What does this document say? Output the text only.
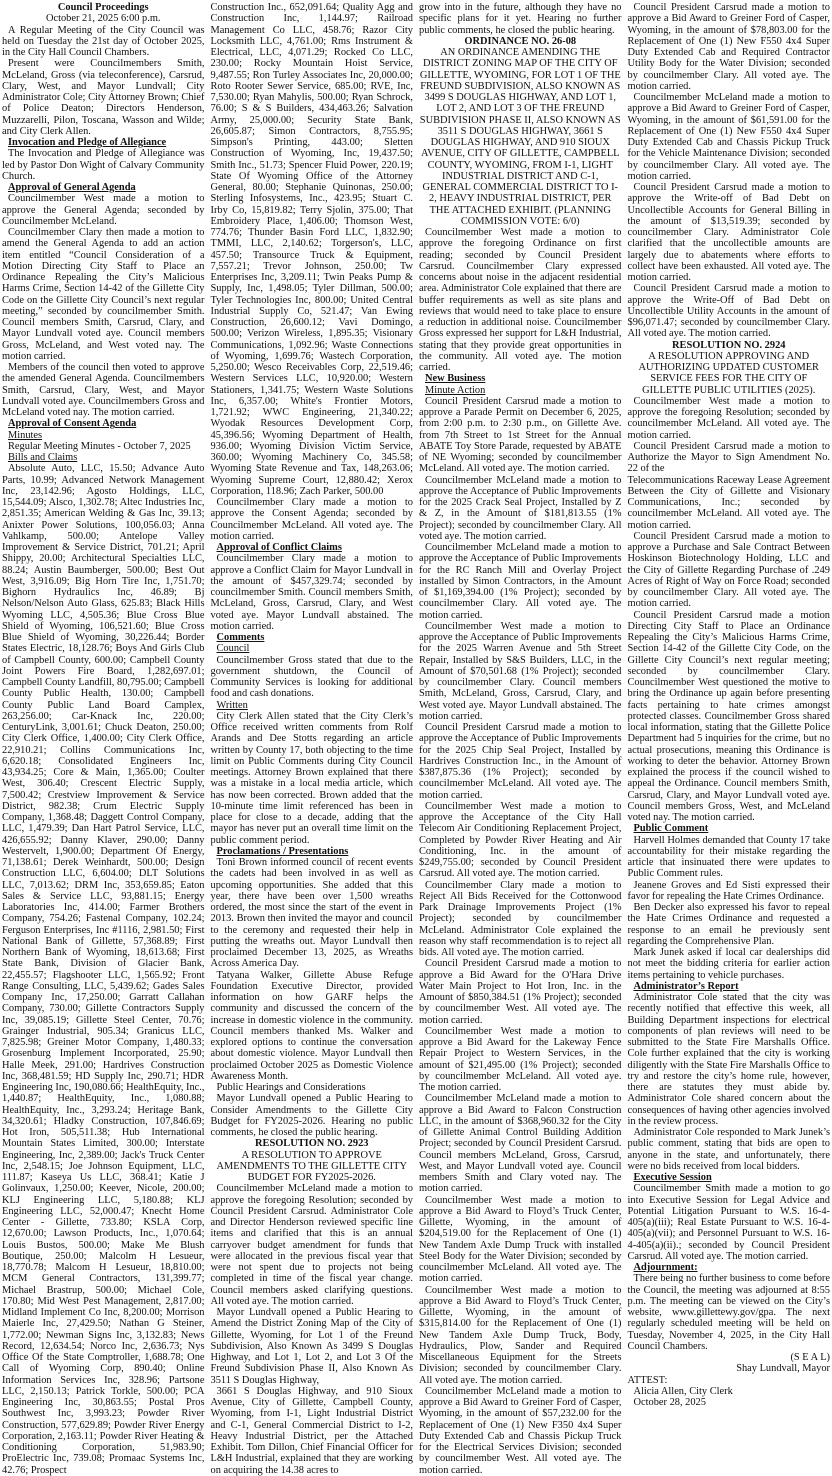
Council Proceedings
October 21, 2025 6:00 p.m.

A Regular Meeting of the City Council was held on Tuesday the 21st day of October 2025, in the City Hall Council Chambers.

Present were Councilmembers Smith, McLeland, Gross (via teleconference), Carsrud, Clary, West, and Mayor Lundvall; City Administrator Cole; City Attorney Brown; Chief of Police Deaton; Directors Henderson, Muzzarelli, Pilon, Toscana, Wasson and Wilde; and City Clerk Allen.

Invocation and Pledge of Allegiance

The Invocation and Pledge of Allegiance was led by Pastor Don Wight of Calvary Community Church.

Approval of General Agenda

Councilmember West made a motion to approve the General Agenda; seconded by Councilmember McLeland.

Councilmember Clary then made a motion to amend the General Agenda to add an action item entitled “Council Consideration of a Motion Directing City Staff to Place an Ordinance Repealing the City’s Malicious Harms Crime, Section 14-42 of the Gillette City Code on the Gillette City Council’s next regular meeting,” seconded by councilmember Smith. Council members Smith, Carsrud, Clary, and Mayor Lundvall voted aye. Council members Gross, McLeland, and West voted nay. The motion carried.

Members of the council then voted to approve the amended General Agenda. Councilmembers Smith, Carsrud, Clary, West, and Mayor Lundvall voted aye. Councilmembers Gross and McLeland voted nay. The motion carried.

Approval of Consent Agenda
Minutes

Regular Meeting Minutes - October 7, 2025

Bills and Claims

Absolute Auto, LLC, 15.50; Advance Auto Parts, 10.99; Advanced Network Management Inc, 23,142.96; Agosto Holdings, LLC, 15,544.09; Alsco, 1,302.78; Altec Industries Inc, 2,851.35; American Welding & Gas Inc, 39.13; Anixter Power Solutions, 100,056.03; Anna Vahlkamp, 500.00; Antelope Valley Improvement & Service District, 701.21; April Shippy, 20.00; Architectural Specialties LLC, 88.24; Austin Baumberger, 500.00; Best Out West, 3,916.09; Big Horn Tire Inc, 1,751.70; Bighorn Hydraulics Inc, 46.89; Bj Nelson/Nelson Auto Glass, 625.83; Black Hills Wyoming LLC, 4,505.36; Blue Cross Blue Shield of Wyoming, 106,521.60; Blue Cross Blue Shield of Wyoming, 30,226.44; Border States Electric, 18,128.76; Boys And Girls Club of Campbell County, 600.00; Campbell County Joint Powers Fire Board, 1,282,697.01; Campbell County Landfill, 80,795.00; Campbell County Public Health, 130.00; Campbell County Public Land Board Camplex, 263,256.00; Car-Knack Inc, 220.00; CenturyLink, 3,001.61; Chuck Deaton, 250.00; City Clerk Office, 1,400.00; City Clerk Office, 22,910.21; Collins Communications Inc, 6,620.18; Consolidated Engineers Inc, 43,934.25; Core & Main, 1,365.00; Coulter West, 306.40; Crescent Electric Supply, 7,500.42; Crestview Improvement & Service District, 982.38; Crum Electric Supply Company, 1,368.48; Daggett Control Company, LLC, 1,479.39; Dan Hart Patrol Service, LLC, 426,655.92; Danny Klaver, 290.00; Danny Westervelt, 1,900.00; Department Of Energy, 71,138.61; Derek Weinhardt, 500.00; Design Construction LLC, 6,604.00; DLT Solutions LLC, 7,013.62; DRM Inc, 353,659.85; Eaton Sales & Service LLC, 93,881.15; Energy Laboratories Inc, 414.00; Farmer Brothers Company, 754.26; Fastenal Company, 102.24; Ferguson Enterprises, Inc #1116, 2,981.50; First National Bank of Gillette, 57,368.89; First Northern Bank of Wyoming, 18,613.68; First State Bank, Division of Glacier Bank, 22,455.57; Flagshooter LLC, 1,565.92; Front Range Consulting, LLC, 5,439.62; Gades Sales Company Inc, 17,250.00; Garratt Callahan Company, 730.00; Gillette Contractors Supply Inc, 39,085.19; Gillette Steel Center, 70.76; Grainger Industrial, 905.34; Granicus LLC, 7,825.98; Greiner Motor Company, 1,480.33; Grosenburg Implement Incorporated, 25.90; Halle Meek, 291.00; Hardrives Construction Inc, 368,481.59; HD Supply Inc, 290.71; HDR Engineering Inc, 190,080.66; HealthEquity, Inc., 1,440.87; HealthEquity, Inc., 1,080.88; HealthEquity, Inc., 3,293.24; Heritage Bank, 34,320.61; Hladky Construction, 107,846.69; Hot Iron, 505,511.38; Hub International Mountain States Limited, 300.00; Interstate Engineering, Inc, 2,389.00; Jack's Truck Center Inc, 2,548.15; Joe Johnson Equipment, LLC, 111.87; Kaseya Us LLC, 368.41; Katie J Golinvaux, 1,250.00; Keever, Nicole, 200.00; KLJ Engineering LLC, 5,180.88; KLJ Engineering LLC, 52,000.47; Knecht Home Center - Gillette, 733.80; KSLA Corp, 12,670.00; Lawson Products, Inc., 1,070.64; Louis Bustos, 500.00; Make Me Blush Boutique, 250.00; Malcolm H Lesueur, 18,770.78; Malcom H Lesueur, 18,810.00; MCM General Contractors, 131,399.77; Michael Brastrup, 500.00; Michael Cole, 170.80; Mid West Pest Management, 2,817.00; Midland Implement Co Inc, 8,200.00; Morrison Maierle Inc, 27,429.50; Nathan G Steiner, 1,772.00; Newman Signs Inc, 3,132.83; News Record, 12,634.54; Norco Inc, 2,636.73; Nys Office Of the State Comptroller, 1,688.78; One Call of Wyoming Corp, 890.40; Online Information Services Inc, 328.96; Partsone LLC, 2,150.13; Patrick Torkle, 500.00; PCA Engineering Inc, 30,863.55; Postal Pros Southwest Inc, 3,993.23; Powder River Construction, 577,629.89; Powder River Energy Corporation, 2,163.11; Powder River Heating & Conditioning Corporation, 51,983.90; ProElectric Inc, 739.08; Promaac Systems Inc, 42.76; Prospect

Construction Inc., 652,091.64; Quality Agg and Construction Inc, 1,144.97; Railroad Management Co LLC, 458.76; Razor City Locksmith LLC, 4,761.00; Rms Instrument & Electrical, LLC, 4,071.29; Rocked Co LLC, 230.00; Rocky Mountain Hoist Service, 9,487.55; Ron Turley Associates Inc, 20,000.00; Roto Rooter Sewer Service, 685.00; RVE, Inc, 7,530.00; Ryan Mahylis, 500.00; Ryan Schrock, 76.00; S & S Builders, 434,463.26; Salvation Army, 25,000.00; Security State Bank, 26,605.87; Simon Contractors, 8,755.95; Simpson's Printing, 443.00; Sletten Construction of Wyoming, Inc, 19,437.50; Smith Inc., 51.73; Spencer Fluid Power, 220.19; State Of Wyoming Office of the Attorney General, 80.00; Stephanie Quinonas, 250.00; Sterling Infosystems, Inc., 423.95; Stuart C. Irby Co, 15,819.82; Terry Sjolin, 375.00; That Embroidery Place, 1,406.00; Thomson West, 774.76; Thunder Basin Ford LLC, 1,832.90; TMMI, LLC, 2,140.62; Torgerson's, LLC, 457.50; Transource Truck & Equipment, 7,557.21; Trevor Johnson, 250.00; Tw Enterprises Inc, 3,209.11; Twin Peaks Pump & Supply, Inc, 1,498.05; Tyler Dillman, 500.00; Tyler Technologies Inc, 800.00; United Central Industrial Supply Co, 521.47; Van Ewing Construction, 26,600.12; Vavi Domingo, 500.00; Verizon Wireless, 1,895.35; Visionary Communications, 1,092.96; Waste Connections of Wyoming, 1,699.76; Wastech Corporation, 5,250.00; Wesco Receivables Corp, 22,519.46; Western Services LLC, 10,920.00; Western Stationers, 1,341.75; Western Waste Solutions Inc, 6,357.00; White's Frontier Motors, 1,721.92; WWC Engineering, 21,340.22; Wyodak Resources Development Corp, 45,396.56; Wyoming Department of Health, 936.00; Wyoming Division Victim Service, 360.00; Wyoming Machinery Co, 345.58; Wyoming State Revenue and Tax, 148,263.06; Wyoming Supreme Court, 12,880.42; Xerox Corporation, 118.96; Zach Parker, 500.00

Councilmember Clary made a motion to approve the Consent Agenda; seconded by Councilmember McLeland. All voted aye. The motion carried.

Approval of Conflict Claims

Councilmember Clary made a motion to approve a Conflict Claim for Mayor Lundvall in the amount of $457,329.74; seconded by councilmember Smith. Council members Smith, McLeland, Gross, Carsrud, Clary, and West voted aye. Mayor Lundvall abstained. The motion carried.

Comments
Council

Councilmember Gross stated that due to the government shutdown, the Council of Community Services is looking for additional food and cash donations.

Written

City Clerk Allen stated that the City Clerk’s Office received written comments from Rolf Arands and Dee Stotts regarding an article written by County 17, both objecting to the time limit on Public Comments during City Council meetings. Attorney Brown explained that there was a mistake in a local media article, which has now been corrected. Brown added that the 10-minute time limit referenced has been in place for close to a decade, adding that the mayor has never put an overall time limit on the public comment period.

Proclamations / Presentations

Toni Brown informed council of recent events the cadets had been involved in as well as upcoming opportunities. She added that this year, there have been over 1,500 wreaths ordered, the most since the start of the event in 2013. Brown then invited the mayor and council to the ceremony and requested their help in putting the wreaths out. Mayor Lundvall then proclaimed December 13, 2025, as Wreaths Across America Day.

Tatyana Walker, Gillette Abuse Refuge Foundation Executive Director, provided information on how GARF helps the community and discussed the concern of the increase in domestic violence in the community. Council members thanked Ms. Walker and explored options to continue the conversation about domestic violence. Mayor Lundvall then proclaimed October 2025 as Domestic Violence Awareness Month.

Public Hearings and Considerations

Mayor Lundvall opened a Public Hearing to Consider Amendments to the Gillette City Budget for FY2025-2026. Hearing no public comments, he closed the public hearing.

RESOLUTION NO. 2923
A RESOLUTION TO APPROVE AMENDMENTS TO THE GILLETTE CITY BUDGET FOR FY2025-2026.

Councilmember McLeland made a motion to approve the foregoing Resolution; seconded by Council President Carsrud. Administrator Cole and Director Henderson reviewed specific line items and clarified that this is an annual carryover budget amendment for funds that were allocated in the previous fiscal year that were not spent due to projects not being completed in time of the fiscal year change. Council members asked clarifying questions. All voted aye. The motion carried.

Mayor Lundvall opened a Public Hearing to Amend the District Zoning Map of the City of Gillette, Wyoming, for Lot 1 of the Freund Subdivision, Also Known As 3499 S Douglas Highway, and Lot 1, Lot 2, and Lot 3 Of the Freund Subdivision Phase II, Also Known As 3511 S Douglas Highway,

3661 S Douglas Highway, and 910 Sioux Avenue, City of Gillette, Campbell County, Wyoming, from I-1, Light Industrial District and C-1, General Commercial District to I-2, Heavy Industrial District, per the Attached Exhibit. Tom Dillon, Chief Financial Officer for L&H Industrial, explained that they are working on acquiring the 14.38 acres to

grow into in the future, although they have no specific plans for it yet. Hearing no further public comments, he closed the public hearing.

ORDINANCE NO. 26-08
AN ORDINANCE AMENDING THE DISTRICT ZONING MAP OF THE CITY OF GILLETTE, WYOMING, FOR LOT 1 OF THE FREUND SUBDIVISION, ALSO KNOWN AS 3499 S DOUGLAS HIGHWAY, AND LOT 1, LOT 2, AND LOT 3 OF THE FREUND SUBDIVISION PHASE II, ALSO KNOWN AS 3511 S DOUGLAS HIGHWAY, 3661 S DOUGLAS HIGHWAY, AND 910 SIOUX AVENUE, CITY OF GILLETTE, CAMPBELL COUNTY, WYOMING, FROM I-1, LIGHT INDUSTRIAL DISTRICT AND C-1, GENERAL COMMERCIAL DISTRICT TO I-2, HEAVY INDUSTRIAL DISTRICT, PER THE ATTACHED EXHIBIT. (PLANNING COMMISSION VOTE: 6/0)

Councilmember West made a motion to approve the foregoing Ordinance on first reading; seconded by Council President Carsrud. Councilmember Clary expressed concerns about noise in the adjacent residential area. Administrator Cole explained that there are buffer requirements as well as site plans and reviews that would need to take place to ensure a reduction in additional noise. Councilmember Gross expressed her support for L&H Industrial, stating that they provide great opportunities in the community. All voted aye. The motion carried.

New Business
Minute Action

Council President Carsrud made a motion to approve a Parade Permit on December 6, 2025, from 2:00 p.m. to 2:30 p.m., on Gillette Ave. from 7th Street to 1st Street for the Annual ABATE Toy Store Parade, requested by ABATE of NE Wyoming; seconded by councilmember McLeland. All voted aye. The motion carried.

Councilmember McLeland made a motion to approve the Acceptance of Public Improvements for the 2025 Crack Seal Project, Installed by Z & Z, in the Amount of $181,813.55 (1% Project); seconded by councilmember Clary. All voted aye. The motion carried.

Councilmember McLeland made a motion to approve the Acceptance of Public Improvements for the RC Ranch Mill and Overlay Project installed by Simon Contractors, in the Amount of $1,169,394.00 (1% Project); seconded by councilmember Clary. All voted aye. The motion carried.

Councilmember West made a motion to approve the Acceptance of Public Improvements for the 2025 Warren Avenue and 5th Street Repair, Installed by S&S Builders, LLC, in the Amount of $70,501.68 (1% Project); seconded by councilmember Clary. Council members Smith, McLeland, Gross, Carsrud, Clary, and West voted aye. Mayor Lundvall abstained. The motion carried.

Council President Carsrud made a motion to approve the Acceptance of Public Improvements for the 2025 Chip Seal Project, Installed by Hardrives Construction Inc., in the Amount of $387,875.36 (1% Project); seconded by councilmember McLeland. All voted aye. The motion carried.

Councilmember West made a motion to approve the Acceptance of the City Hall Telecom Air Conditioning Replacement Project, Completed by Powder River Heating and Air Conditioning, Inc. in the amount of $249,755.00; seconded by Council President Carsrud. All voted aye. The motion carried.

Councilmember Clary made a motion to Reject All Bids Received for the Cottonwood Park Drainage Improvements Project (1% Project); seconded by councilmember McLeland. Administrator Cole explained the reason why staff recommendation is to reject all bids. All voted aye. The motion carried.

Council President Carsrud made a motion to approve a Bid Award for the O'Hara Drive Water Main Project to Hot Iron, Inc. in the Amount of $850,384.51 (1% Project); seconded by councilmember West. All voted aye. The motion carried.

Councilmember West made a motion to approve a Bid Award for the Lakeway Fence Repair Project to Western Services, in the amount of $21,495.00 (1% Project); seconded by councilmember McLeland. All voted aye. The motion carried.

Councilmember McLeland made a motion to approve a Bid Award to Falcon Construction LLC, in the amount of $368,960.32 for the City of Gillette Animal Control Building Addition Project; seconded by Council President Carsrud. Council members McLeland, Gross, Carsrud, West, and Mayor Lundvall voted aye. Council members Smith and Clary voted nay. The motion carried.

Councilmember West made a motion to approve a Bid Award to Floyd’s Truck Center, Gillette, Wyoming, in the amount of $204,519.00 for the Replacement of One (1) New Tandem Axle Dump Truck with installed Steel Body for the Water Division; seconded by councilmember McLeland. All voted aye. The motion carried.

Councilmember West made a motion to approve a Bid Award to Floyd’s Truck Center, Gillette, Wyoming, in the amount of $315,814.00 for the Replacement of One (1) New Tandem Axle Dump Truck, Body, Hydraulics, Plow, Sander and Required Miscellaneous Equipment for the Streets Division; seconded by councilmember Clary. All voted aye. The motion carried.

Councilmember McLeland made a motion to approve a Bid Award to Greiner Ford of Casper, Wyoming, in the amount of $57,232.00 for the Replacement of One (1) New F350 4x4 Super Duty Extended Cab and Chassis Pickup Truck for the Electrical Services Division; seconded by councilmember West. All voted aye. The motion carried.

Council President Carsrud made a motion to approve a Bid Award to Greiner Ford of Casper, Wyoming, in the amount of $78,803.00 for the Replacement of One (1) New F550 4x4 Super Duty Extended Cab and Required Contractor Utility Body for the Water Division; seconded by councilmember Clary. All voted aye. The motion carried.

Councilmember McLeland made a motion to approve a Bid Award to Greiner Ford of Casper, Wyoming, in the amount of $61,591.00 for the Replacement of One (1) New F550 4x4 Super Duty Extended Cab and Chassis Pickup Truck for the Vehicle Maintenance Division; seconded by councilmember Clary. All voted aye. The motion carried.

Council President Carsrud made a motion to approve the Write-off of Bad Debt on Uncollectible Accounts for General Billing in the amount of $13,519.39; seconded by councilmember Clary. Administrator Cole clarified that the uncollectible amounts are largely due to abatements where efforts to collect have been exhausted. All voted aye. The motion carried.

Council President Carsrud made a motion to approve the Write-Off of Bad Debt on Uncollectible Utility Accounts in the amount of $96,071.47; seconded by councilmember Clary. All voted aye. The motion carried.

RESOLUTION NO. 2924
A RESOLUTION APPROVING AND AUTHORIZING UPDATED CUSTOMER SERVICE FEES FOR THE CITY OF GILLETTE PUBLIC UTILITIES (2025).

Councilmember West made a motion to approve the foregoing Resolution; seconded by councilmember McLeland. All voted aye. The motion carried.

Council President Carsrud made a motion to Authorize the Mayor to Sign Amendment No. 22 of the

Telecommunications Raceway Lease Agreement Between the City of Gillette and Visionary Communications, Inc.; seconded by councilmember McLeland. All voted aye. The motion carried.

Council President Carsrud made a motion to approve a Purchase and Sale Contract Between Hoskinson Biotechnology Holding, LLC and the City of Gillette Regarding Purchase of .249 Acres of Right of Way on Force Road; seconded by councilmember Clary. All voted aye. The motion carried.

Council President Carsrud made a motion Directing City Staff to Place an Ordinance Repealing the City’s Malicious Harms Crime, Section 14-42 of the Gillette City Code, on the Gillette City Council’s next regular meeting; seconded by councilmember Clary. Councilmember West questioned the motive to bring the Ordinance up again before presenting facts pertaining to hate crimes amongst protected classes. Councilmember Gross shared local information, stating that the Gillette Police Department had 5 inquiries for the crime, but no actual prosecutions, meaning this Ordinance is working to deter the behavior. Attorney Brown explained the process if the council wished to appeal the Ordinance. Council members Smith, Carsrud, Clary, and Mayor Lundvall voted aye. Council members Gross, West, and McLeland voted nay. The motion carried.

Public Comment

Harvell Holmes demanded that County 17 take accountability for their mistake regarding the article that insinuated there were updates to Public Comment rules.

Jeanene Groves and Ed Sisti expressed their favor for repealing the Hate Crimes Ordinance.

Ben Decker also expressed his favor to repeal the Hate Crimes Ordinance and requested a response to an email he previously sent regarding the Comprehensive Plan.

Mark Junek asked if local car dealerships did not meet the bidding criteria for earlier action items pertaining to vehicle purchases.

Administrator’s Report

Administrator Cole stated that the city was recently notified that effective this week, all Building Department inspections for electrical components of plan reviews will need to be submitted to the State Fire Marshalls Office. Cole further explained that the city is working diligently with the State Fire Marshalls Office to try and restore the city’s home rule, however, there are statutes they must abide by. Administrator Cole shared concern about the consequences of having other agencies involved in the review process.

Administrator Cole responded to Mark Junek’s public comment, stating that bids are open to anyone in the state, and unfortunately, there were no bids received from local bidders.

Executive Session

Councilmember Smith made a motion to go into Executive Session for Legal Advice and Potential Litigation Pursuant to W.S. 16-4-405(a)(iii); Real Estate Pursuant to W.S. 16-4-405(a)(vii); and Personnel Pursuant to W.S. 16-4-405(a)(ii).; seconded by Council President Carsrud. All voted aye. The motion carried.

Adjournment:

There being no further business to come before the Council, the meeting was adjourned at 8:55 p.m. The meeting can be viewed on the City’s website, www.gillettewy.gov/gpa. The next regularly scheduled meeting will be held on Tuesday, November 4, 2025, in the City Hall Council Chambers.

(S E A L)
Shay Lundvall, Mayor
ATTEST:
Alicia Allen, City Clerk
October 28, 2025
